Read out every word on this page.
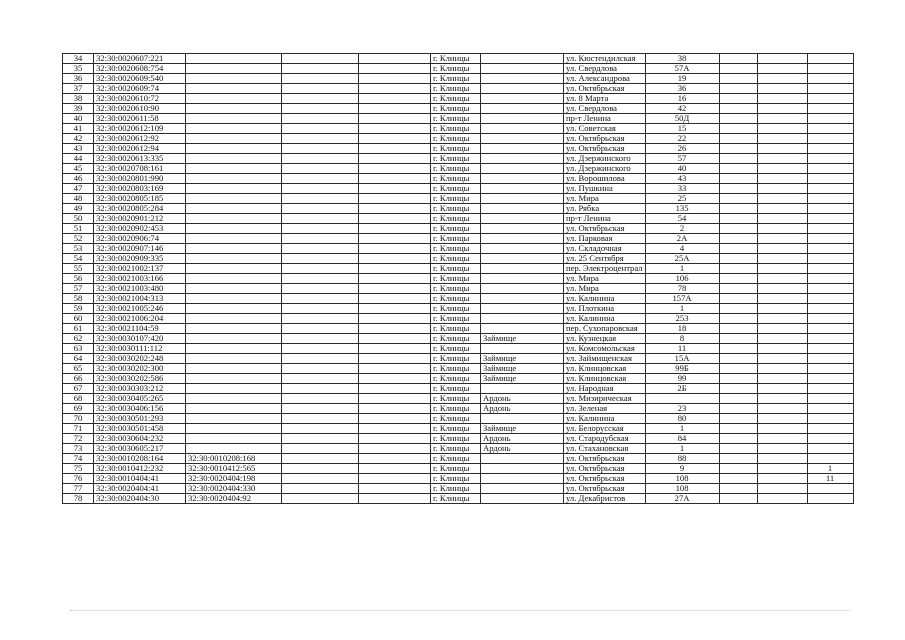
34	32:30:0020607:221				г. Клинцы		ул. Кюстендилская	38			
35	32:30:0020608:754				г. Клинцы		ул. Свердлова	57А			
36	32:30:0020609:540				г. Клинцы		ул. Александрова	19			
37	32:30:0020609:74				г. Клинцы		ул. Октябрьская	36			
38	32:30:0020610:72				г. Клинцы		ул. 8 Марта	16			
39	32:30:0020610:90				г. Клинцы		ул. Свердлова	42			
40	32:30:0020611:58				г. Клинцы		пр-т Ленина	50Д			
41	32:30:0020612:109				г. Клинцы		ул. Советская	15			
42	32:30:0020612:92				г. Клинцы		ул. Октябрьская	22			
43	32:30:0020612:94				г. Клинцы		ул. Октябрьская	26			
44	32:30:0020613:335				г. Клинцы		ул. Дзержинского	57			
45	32:30:0020708:161				г. Клинцы		ул. Дзержинского	40			
46	32:30:0020801:990				г. Клинцы		ул. Ворошилова	43			
47	32:30:0020803:169				г. Клинцы		ул. Пушкина	33			
48	32:30:0020805:185				г. Клинцы		ул. Мира	25			
49	32:30:0020805:284				г. Клинцы		ул. Рябка	135			
50	32:30:0020901:212				г. Клинцы		пр-т Ленина	54			
51	32:30:0020902:453				г. Клинцы		ул. Октябрьская	2			
52	32:30:0020906:74				г. Клинцы		ул. Парковая	2А			
53	32:30:0020907:146				г. Клинцы		ул. Складочная	4			
54	32:30:0020909:335				г. Клинцы		ул. 25 Сентября	25А			
55	32:30:0021002:137				г. Клинцы		пер. Электроцентрал	1			
56	32:30:0021003:166				г. Клинцы		ул. Мира	106			
57	32:30:0021003:480				г. Клинцы		ул. Мира	78			
58	32:30:0021004:313				г. Клинцы		ул. Калинина	157А			
59	32:30:0021005:246				г. Клинцы		ул. Плоткина	1			
60	32:30:0021006:204				г. Клинцы		ул. Калинина	253			
61	32:30:0021104:59				г. Клинцы		пер. Сухопаровская	18			
62	32:30:0030107:420				г. Клинцы	Займище	ул. Кузнецкая	8			
63	32:30:0030111:112				г. Клинцы		ул. Комсомольская	11			
64	32:30:0030202:248				г. Клинцы	Займище	ул. Займищенская	15А			
65	32:30:0030202:300				г. Клинцы	Займище	ул. Клинцовская	99Б			
66	32:30:0030202:586				г. Клинцы	Займище	ул. Клинцовская	99			
67	32:30:0030303:212				г. Клинцы		ул. Народная	2Б			
68	32:30:0030405:265				г. Клинцы	Ардонь	ул. Мизирическая				
69	32:30:0030406:156				г. Клинцы	Ардонь	ул. Зеленая	23			
70	32:30:0030501:293				г. Клинцы		ул. Калинина	80			
71	32:30:0030501:458				г. Клинцы	Займище	ул. Белорусская	1			
72	32:30:0030604:232				г. Клинцы	Ардонь	ул. Стародубская	84			
73	32:30:0030605:217				г. Клинцы	Ардонь	ул. Стахановская	1			
74	32:30:0010208:164	32:30:0010208:168			г. Клинцы		ул. Октябрьская	88			
75	32:30:0010412:232	32:30:0010412:565			г. Клинцы		ул. Октябрьская	9			1
76	32:30:0010404:41	32:30:0020404:198			г. Клинцы		ул. Октябрьская	108			11
77	32:30:0020404:41	32:30:0020404:330			г. Клинцы		ул. Октябрьская	108			
78	32:30:0020404:30	32:30:0020404:92			г. Клинцы		ул. Декабристов	27А			
